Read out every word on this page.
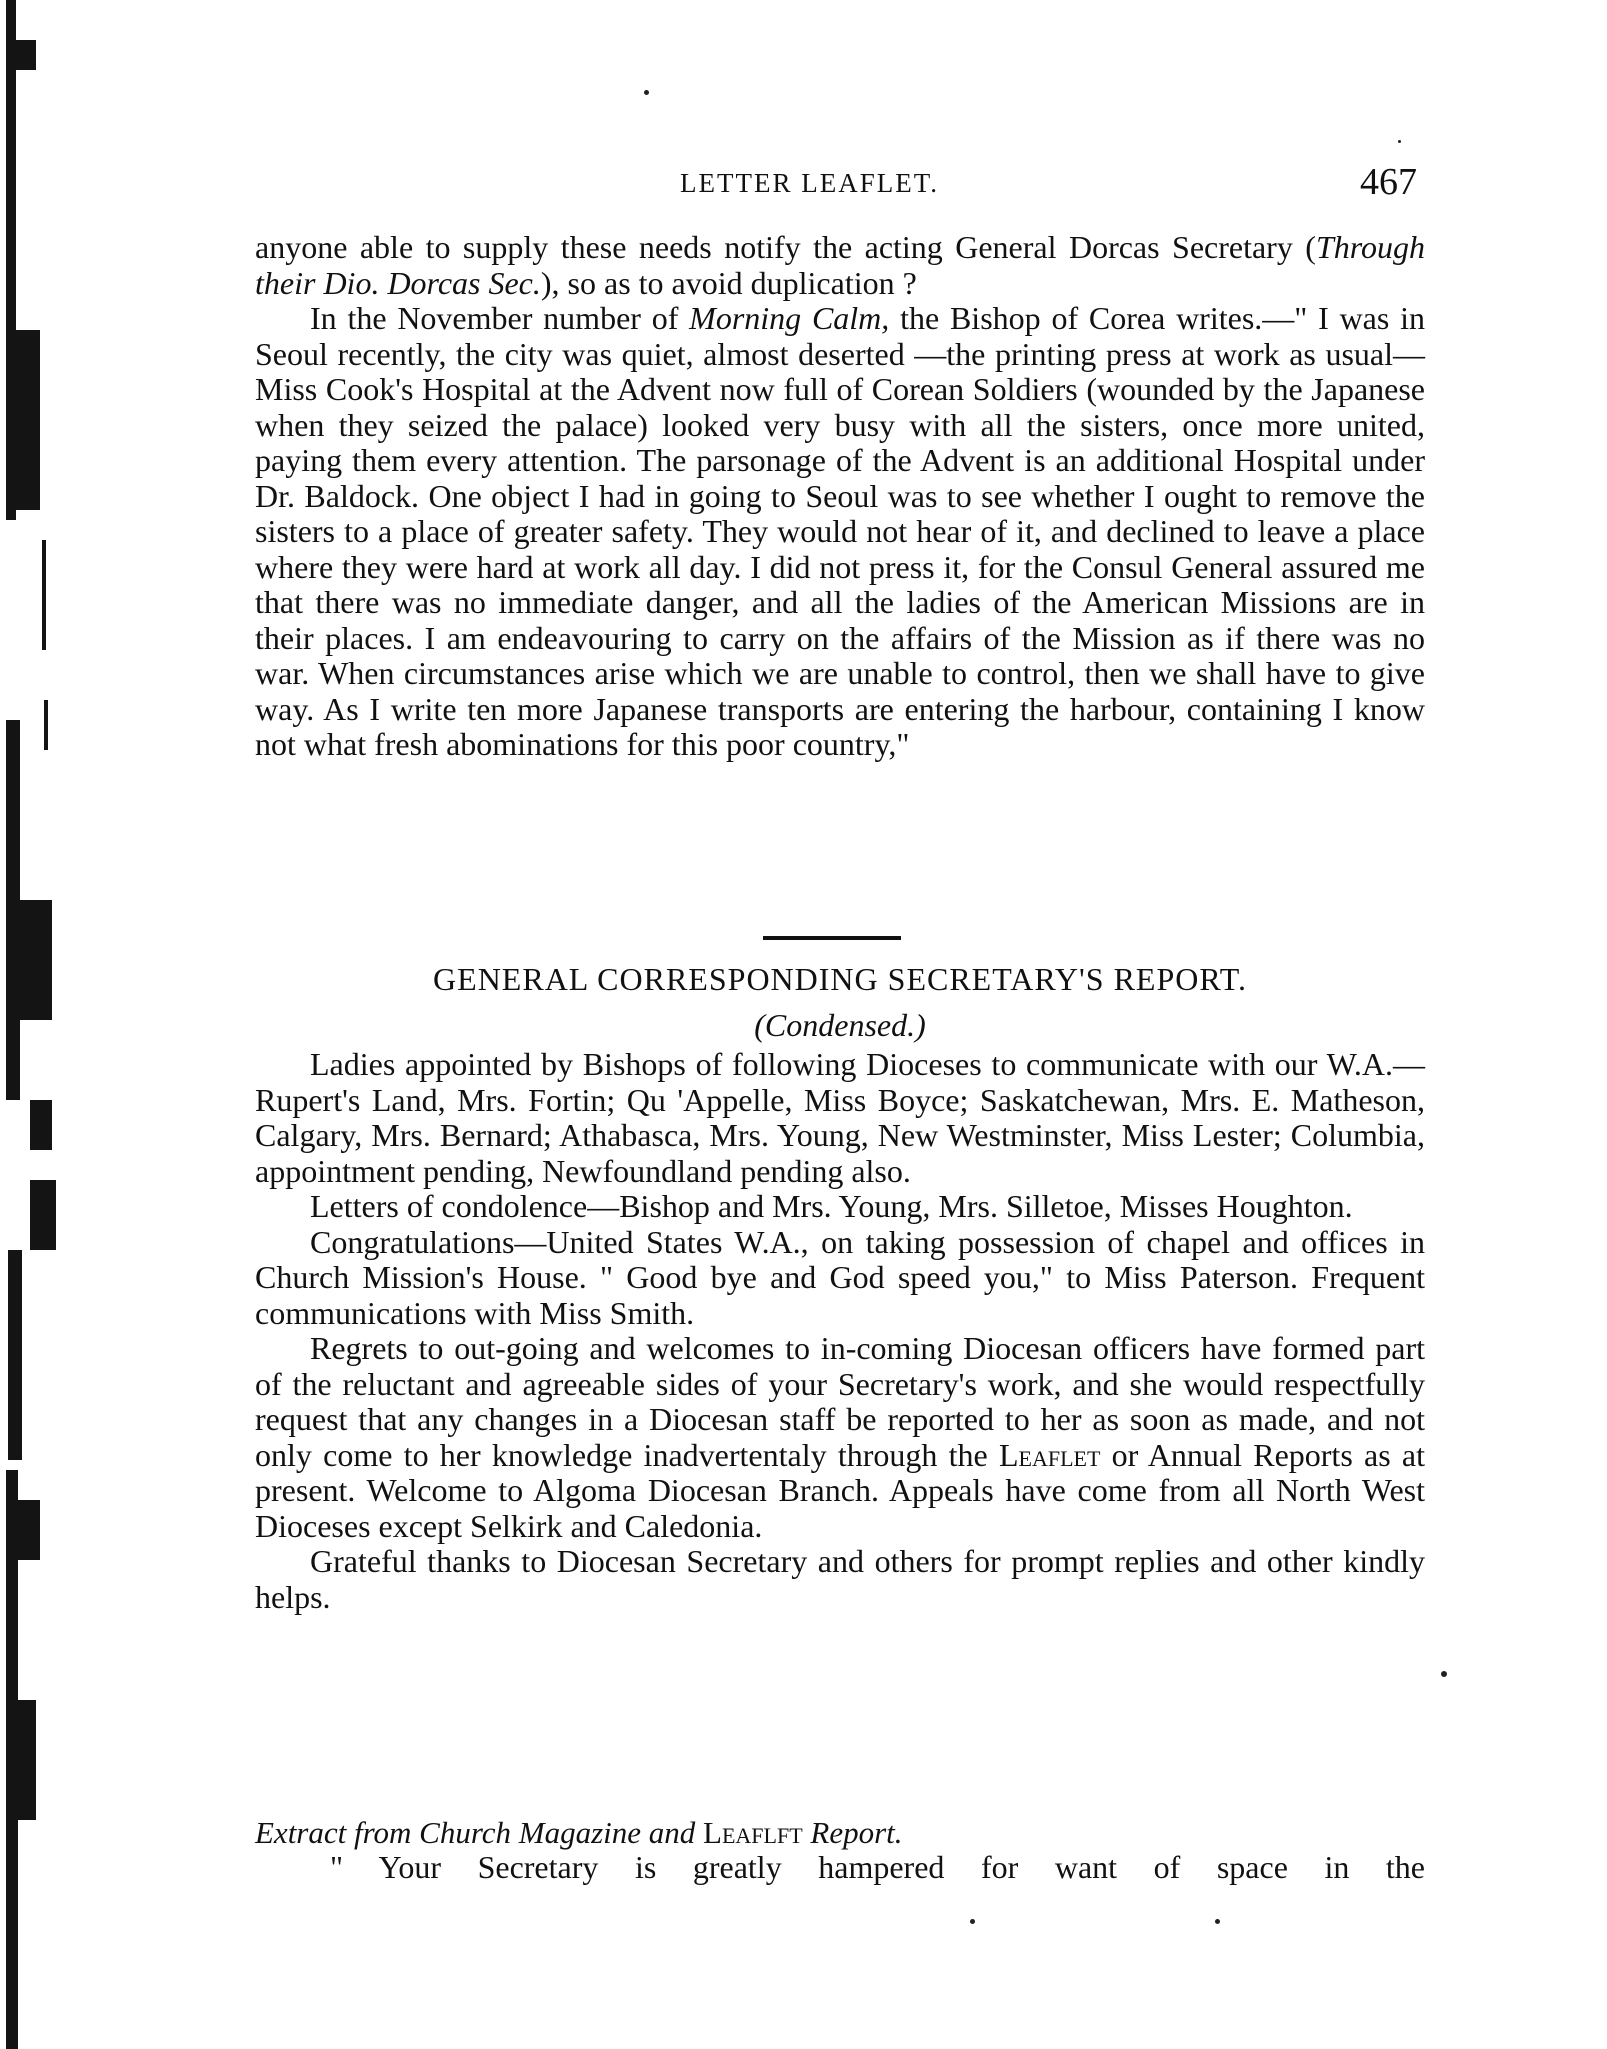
LETTER LEAFLET.	467

anyone able to supply these needs notify the acting General Dorcas Secretary (Through their Dio. Dorcas Sec.), so as to avoid duplication ?

In the November number of Morning Calm, the Bishop of Corea writes.—" I was in Seoul recently, the city was quiet, almost deserted —the printing press at work as usual—Miss Cook's Hospital at the Advent now full of Corean Soldiers (wounded by the Japanese when they seized the palace) looked very busy with all the sisters, once more united, paying them every attention. The parsonage of the Advent is an additional Hospital under Dr. Baldock. One object I had in going to Seoul was to see whether I ought to remove the sisters to a place of greater safety. They would not hear of it, and declined to leave a place where they were hard at work all day. I did not press it, for the Consul General assured me that there was no immediate danger, and all the ladies of the American Missions are in their places. I am endeavouring to carry on the affairs of the Mission as if there was no war. When circumstances arise which we are unable to control, then we shall have to give way. As I write ten more Japanese transports are entering the harbour, containing I know not what fresh abominations for this poor country,"

GENERAL CORRESPONDING SECRETARY'S REPORT.
(Condensed.)

Ladies appointed by Bishops of following Dioceses to communicate with our W.A.—Rupert's Land, Mrs. Fortin; Qu 'Appelle, Miss Boyce; Saskatchewan, Mrs. E. Matheson, Calgary, Mrs. Bernard; Athabasca, Mrs. Young, New Westminster, Miss Lester; Columbia, appointment pending, Newfoundland pending also.

Letters of condolence—Bishop and Mrs. Young, Mrs. Silletoe, Misses Houghton.

Congratulations—United States W.A., on taking possession of chapel and offices in Church Mission's House. " Good bye and God speed you," to Miss Paterson. Frequent communications with Miss Smith.

Regrets to out-going and welcomes to in-coming Diocesan officers have formed part of the reluctant and agreeable sides of your Secretary's work, and she would respectfully request that any changes in a Diocesan staff be reported to her as soon as made, and not only come to her knowledge inadvertentaly through the Leaflet or Annual Reports as at present. Welcome to Algoma Diocesan Branch. Appeals have come from all North West Dioceses except Selkirk and Caledonia.

Grateful thanks to Diocesan Secretary and others for prompt replies and other kindly helps.

Extract from Church Magazine and Leaflft Report.
" Your Secretary is greatly hampered for want of space in the
